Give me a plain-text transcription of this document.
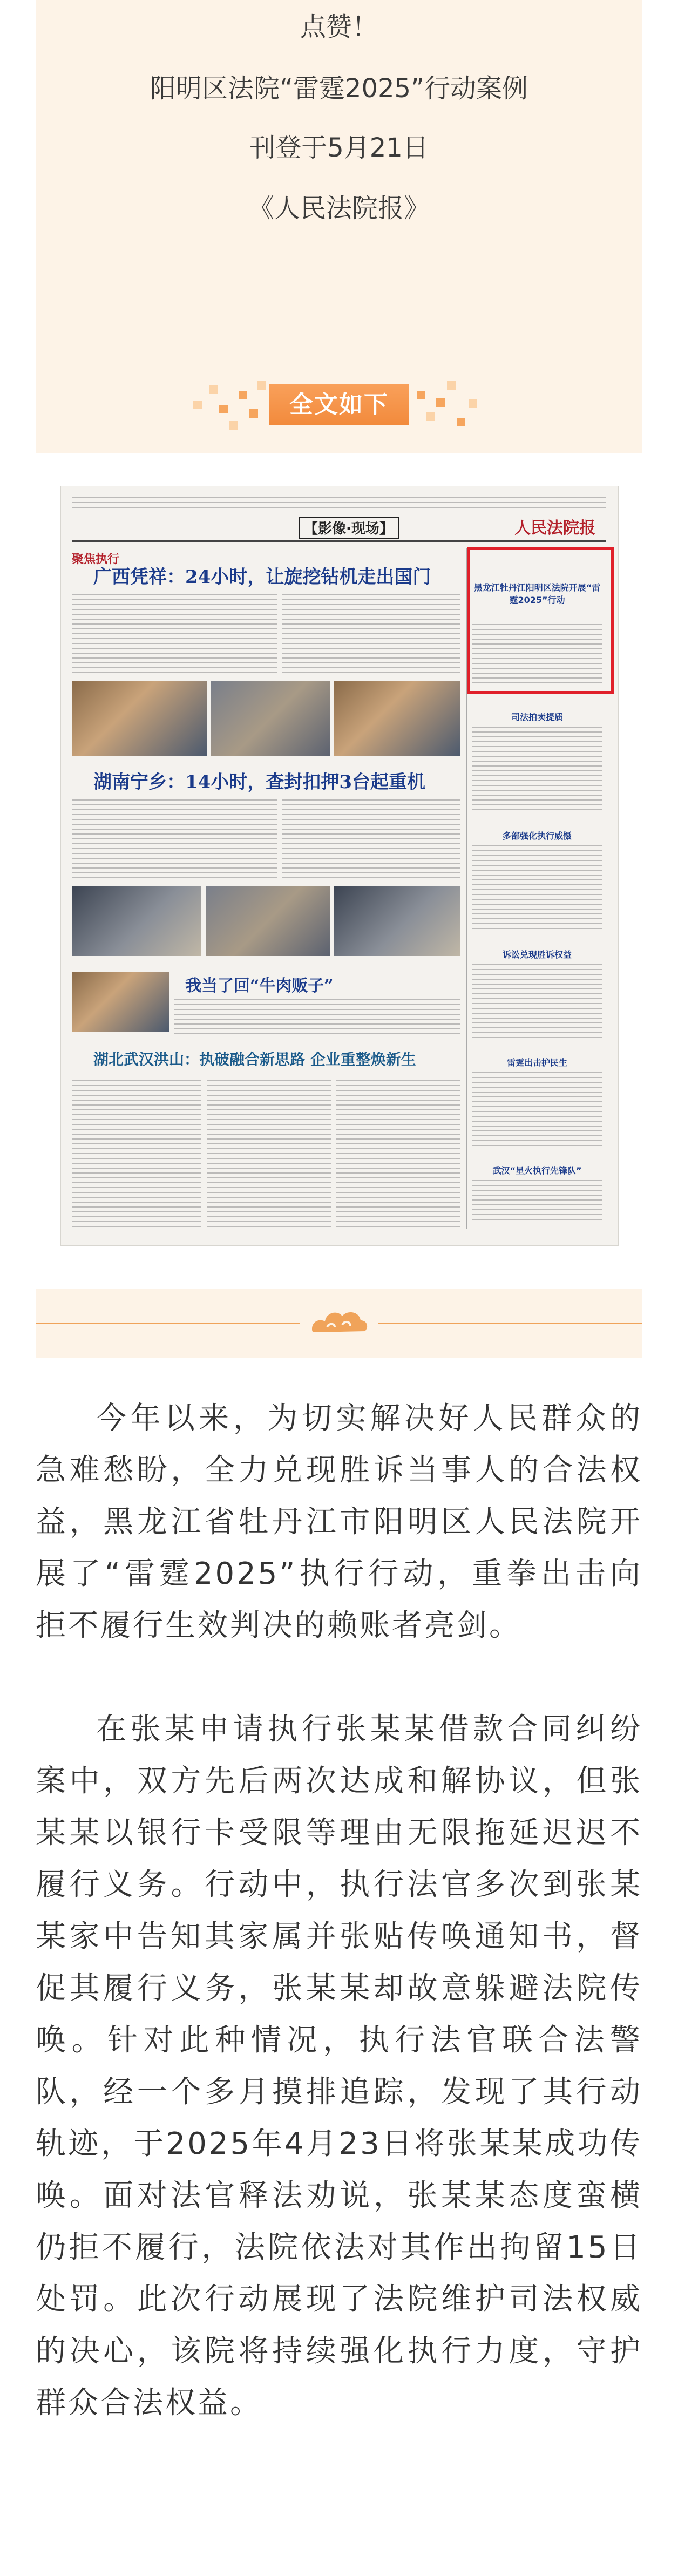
点赞！
阳明区法院“雷霆2025”行动案例
刊登于5月21日
《人民法院报》
全文如下
【影像·现场】	人民法院报
聚焦执行
广西凭祥：24小时，让旋挖钻机走出国门
湖南宁乡：14小时，查封扣押3台起重机
我当了回“牛肉贩子”
湖北武汉洪山：执破融合新思路 企业重整焕新生
黑龙江牡丹江阳明区法院开展“雷霆2025”行动
司法拍卖提质
多部强化执行威慑
诉讼兑现胜诉权益
雷霆出击护民生
武汉“星火执行先锋队”

今年以来，为切实解决好人民群众的急难愁盼，全力兑现胜诉当事人的合法权益，黑龙江省牡丹江市阳明区人民法院开展了“雷霆2025”执行行动，重拳出击向拒不履行生效判决的赖账者亮剑。

在张某申请执行张某某借款合同纠纷案中，双方先后两次达成和解协议，但张某某以银行卡受限等理由无限拖延迟迟不履行义务。行动中，执行法官多次到张某某家中告知其家属并张贴传唤通知书，督促其履行义务，张某某却故意躲避法院传唤。针对此种情况，执行法官联合法警队，经一个多月摸排追踪，发现了其行动轨迹，于2025年4月23日将张某某成功传唤。面对法官释法劝说，张某某态度蛮横仍拒不履行，法院依法对其作出拘留15日处罚。此次行动展现了法院维护司法权威的决心，该院将持续强化执行力度，守护群众合法权益。
